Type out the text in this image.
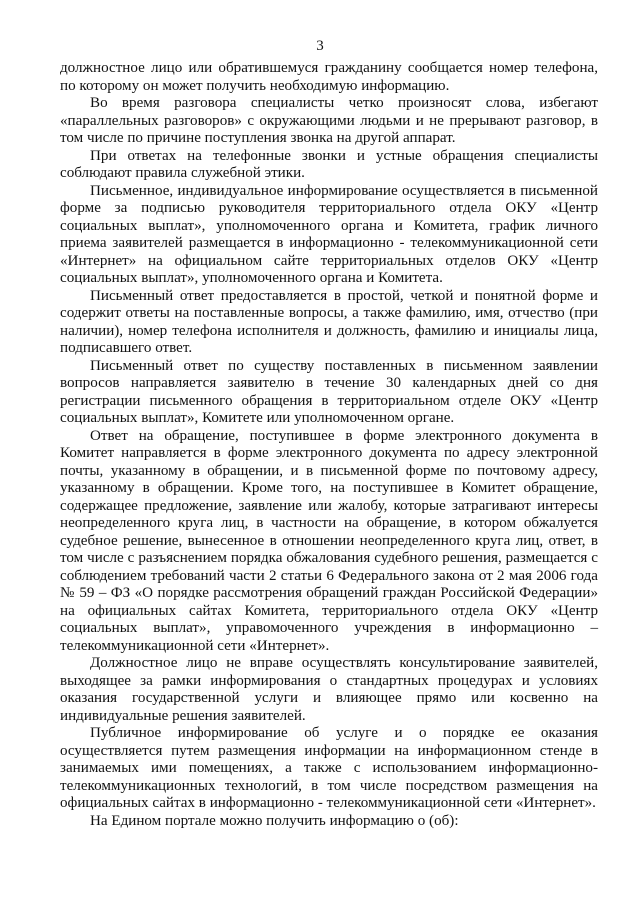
3

должностное лицо или обратившемуся гражданину сообщается номер телефона, по которому он может получить необходимую информацию.

Во время разговора специалисты четко произносят слова, избегают «параллельных разговоров» с окружающими людьми и не прерывают разговор, в том числе по причине поступления звонка на другой аппарат.

При ответах на телефонные звонки и устные обращения специалисты соблюдают правила служебной этики.

Письменное, индивидуальное информирование осуществляется в письменной форме за подписью руководителя территориального отдела ОКУ «Центр социальных выплат», уполномоченного органа и Комитета, график личного приема заявителей размещается в информационно - телекоммуникационной сети «Интернет» на официальном сайте территориальных отделов ОКУ «Центр социальных выплат», уполномоченного органа и Комитета.

Письменный ответ предоставляется в простой, четкой и понятной форме и содержит ответы на поставленные вопросы, а также фамилию, имя, отчество (при наличии), номер телефона исполнителя и должность, фамилию и инициалы лица, подписавшего ответ.

Письменный ответ по существу поставленных в письменном заявлении вопросов направляется заявителю в течение 30 календарных дней со дня регистрации письменного обращения в территориальном отделе ОКУ «Центр социальных выплат», Комитете или уполномоченном органе.

Ответ на обращение, поступившее в форме электронного документа в Комитет направляется в форме электронного документа по адресу электронной почты, указанному в обращении, и в письменной форме по почтовому адресу, указанному в обращении. Кроме того, на поступившее в Комитет обращение, содержащее предложение, заявление или жалобу, которые затрагивают интересы неопределенного круга лиц, в частности на обращение, в котором обжалуется судебное решение, вынесенное в отношении неопределенного круга лиц, ответ, в том числе с разъяснением порядка обжалования судебного решения, размещается с соблюдением требований части 2 статьи 6 Федерального закона от 2 мая 2006 года № 59 – ФЗ «О порядке рассмотрения обращений граждан Российской Федерации» на официальных сайтах Комитета, территориального отдела ОКУ «Центр социальных выплат», управомоченного учреждения в информационно – телекоммуникационной сети «Интернет».

Должностное лицо не вправе осуществлять консультирование заявителей, выходящее за рамки информирования о стандартных процедурах и условиях оказания государственной услуги и влияющее прямо или косвенно на индивидуальные решения заявителей.

Публичное информирование об услуге и о порядке ее оказания осуществляется путем размещения информации на информационном стенде в занимаемых ими помещениях, а также с использованием информационно-телекоммуникационных технологий, в том числе посредством размещения на официальных сайтах в информационно - телекоммуникационной сети «Интернет».

На Едином портале можно получить информацию о (об):
